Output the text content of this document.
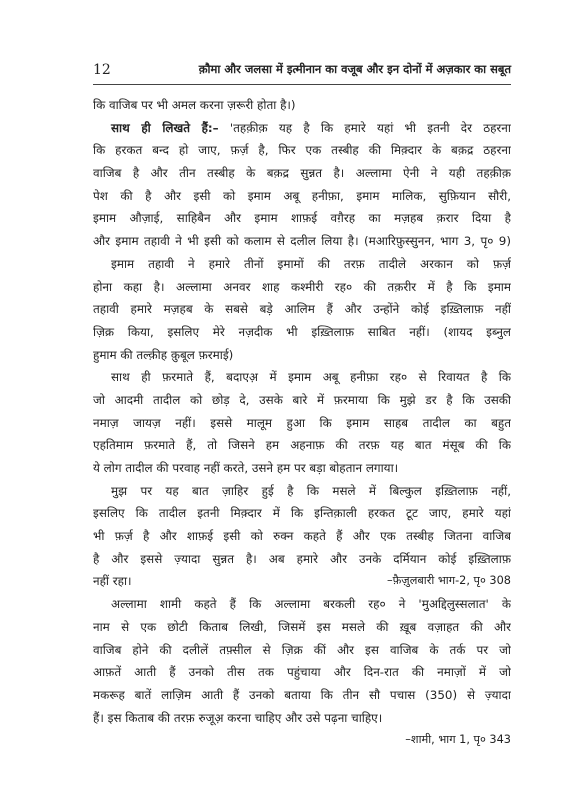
12	क़ौमा और जलसा में इत्मीनान का वजूब और इन दोनों में अज़कार का सबूत
कि वाजिब पर भी अमल करना ज़रूरी होता है।)
साथ ही लिखते हैं:– 'तहक़ीक़ यह है कि हमारे यहां भी इतनी देर ठहरना
कि हरकत बन्द हो जाए, फ़र्ज़ है, फिर एक तस्बीह की मिक़्दार के बक़द्र ठहरना
वाजिब है और तीन तस्बीह के बक़द्र सुन्नत है। अल्लामा ऐनी ने यही तहक़ीक़
पेश की है और इसी को इमाम अबू हनीफ़ा, इमाम मालिक, सुफ़ियान सौरी,
इमाम औज़ाई, साहिबैन और इमाम शाफ़ई वग़ैरह का मज़हब क़रार दिया है
और इमाम तहावी ने भी इसी को कलाम से दलील लिया है। (मआरिफ़ुस्सुनन, भाग 3, पृ० 9)
इमाम तहावी ने हमारे तीनों इमामों की तरफ़ तादीले अरकान को फ़र्ज़
होना कहा है। अल्लामा अनवर शाह कश्मीरी रह० की तक़रीर में है कि इमाम
तहावी हमारे मज़हब के सबसे बड़े आलिम हैं और उन्होंने कोई इख़्तिलाफ़ नहीं
ज़िक्र किया, इसलिए मेरे नज़दीक भी इख़्तिलाफ़ साबित नहीं। (शायद इब्नुल
हुमाम की तल्क़ीह क़ुबूल फ़रमाई)
साथ ही फ़रमाते हैं, बदाएअ़ में इमाम अबू हनीफ़ा रह० से रिवायत है कि
जो आदमी तादील को छोड़ दे, उसके बारे में फ़रमाया कि मुझे डर है कि उसकी
नमाज़ जायज़ नहीं। इससे मालूम हुआ कि इमाम साहब तादील का बहुत
एहतिमाम फ़रमाते हैं, तो जिसने हम अहनाफ़ की तरफ़ यह बात मंसूब की कि
ये लोग तादील की परवाह नहीं करते, उसने हम पर बड़ा बोहतान लगाया।
मुझ पर यह बात ज़ाहिर हुई है कि मसले में बिल्कुल इख़्तिलाफ़ नहीं,
इसलिए कि तादील इतनी मिक़्दार में कि इन्तिक़ाली हरकत टूट जाए, हमारे यहां
भी फ़र्ज़ है और शाफ़ई इसी को रुक्न कहते हैं और एक तस्बीह जितना वाजिब
है और इससे ज़्यादा सुन्नत है। अब हमारे और उनके दर्मियान कोई इख़्तिलाफ़
नहीं रहा।	–फ़ैज़ुलबारी भाग-2, पृ० 308
अल्लामा शामी कहते हैं कि अल्लामा बरकली रह० ने 'मुअद्दिलुस्सलात' के
नाम से एक छोटी किताब लिखी, जिसमें इस मसले की ख़ूब वज़ाहत की और
वाजिब होने की दलीलें तफ़्सील से ज़िक्र कीं और इस वाजिब के तर्क पर जो
आफ़तें आती हैं उनको तीस तक पहुंचाया और दिन-रात की नमाज़ों में जो
मकरूह बातें लाज़िम आती हैं उनको बताया कि तीन सौ पचास (350) से ज़्यादा
हैं। इस किताब की तरफ़ रुजूअ़ करना चाहिए और उसे पढ़ना चाहिए।
–शामी, भाग 1, पृ० 343
